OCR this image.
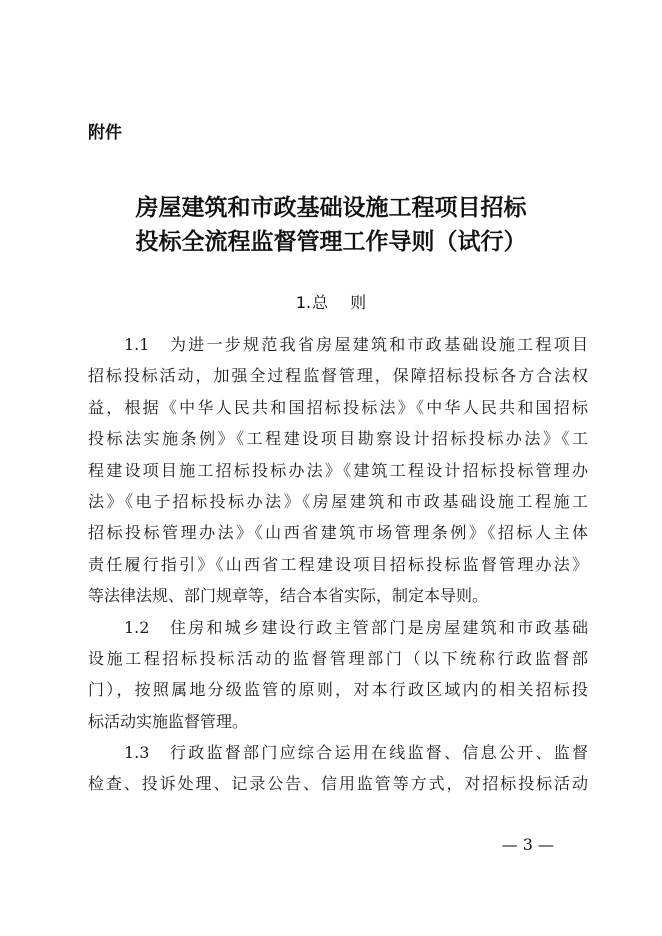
附件
房屋建筑和市政基础设施工程项目招标
投标全流程监督管理工作导则（试行）
1.总 则
1.1　为进一步规范我省房屋建筑和市政基础设施工程项目
招标投标活动，加强全过程监督管理，保障招标投标各方合法权
益，根据《中华人民共和国招标投标法》《中华人民共和国招标
投标法实施条例》《工程建设项目勘察设计招标投标办法》《工
程建设项目施工招标投标办法》《建筑工程设计招标投标管理办
法》《电子招标投标办法》《房屋建筑和市政基础设施工程施工
招标投标管理办法》《山西省建筑市场管理条例》《招标人主体
责任履行指引》《山西省工程建设项目招标投标监督管理办法》
等法律法规、部门规章等，结合本省实际，制定本导则。
1.2　住房和城乡建设行政主管部门是房屋建筑和市政基础
设施工程招标投标活动的监督管理部门（以下统称行政监督部
门），按照属地分级监管的原则，对本行政区域内的相关招标投
标活动实施监督管理。
1.3　行政监督部门应综合运用在线监督、信息公开、监督
检查、投诉处理、记录公告、信用监管等方式，对招标投标活动
— 3 —
